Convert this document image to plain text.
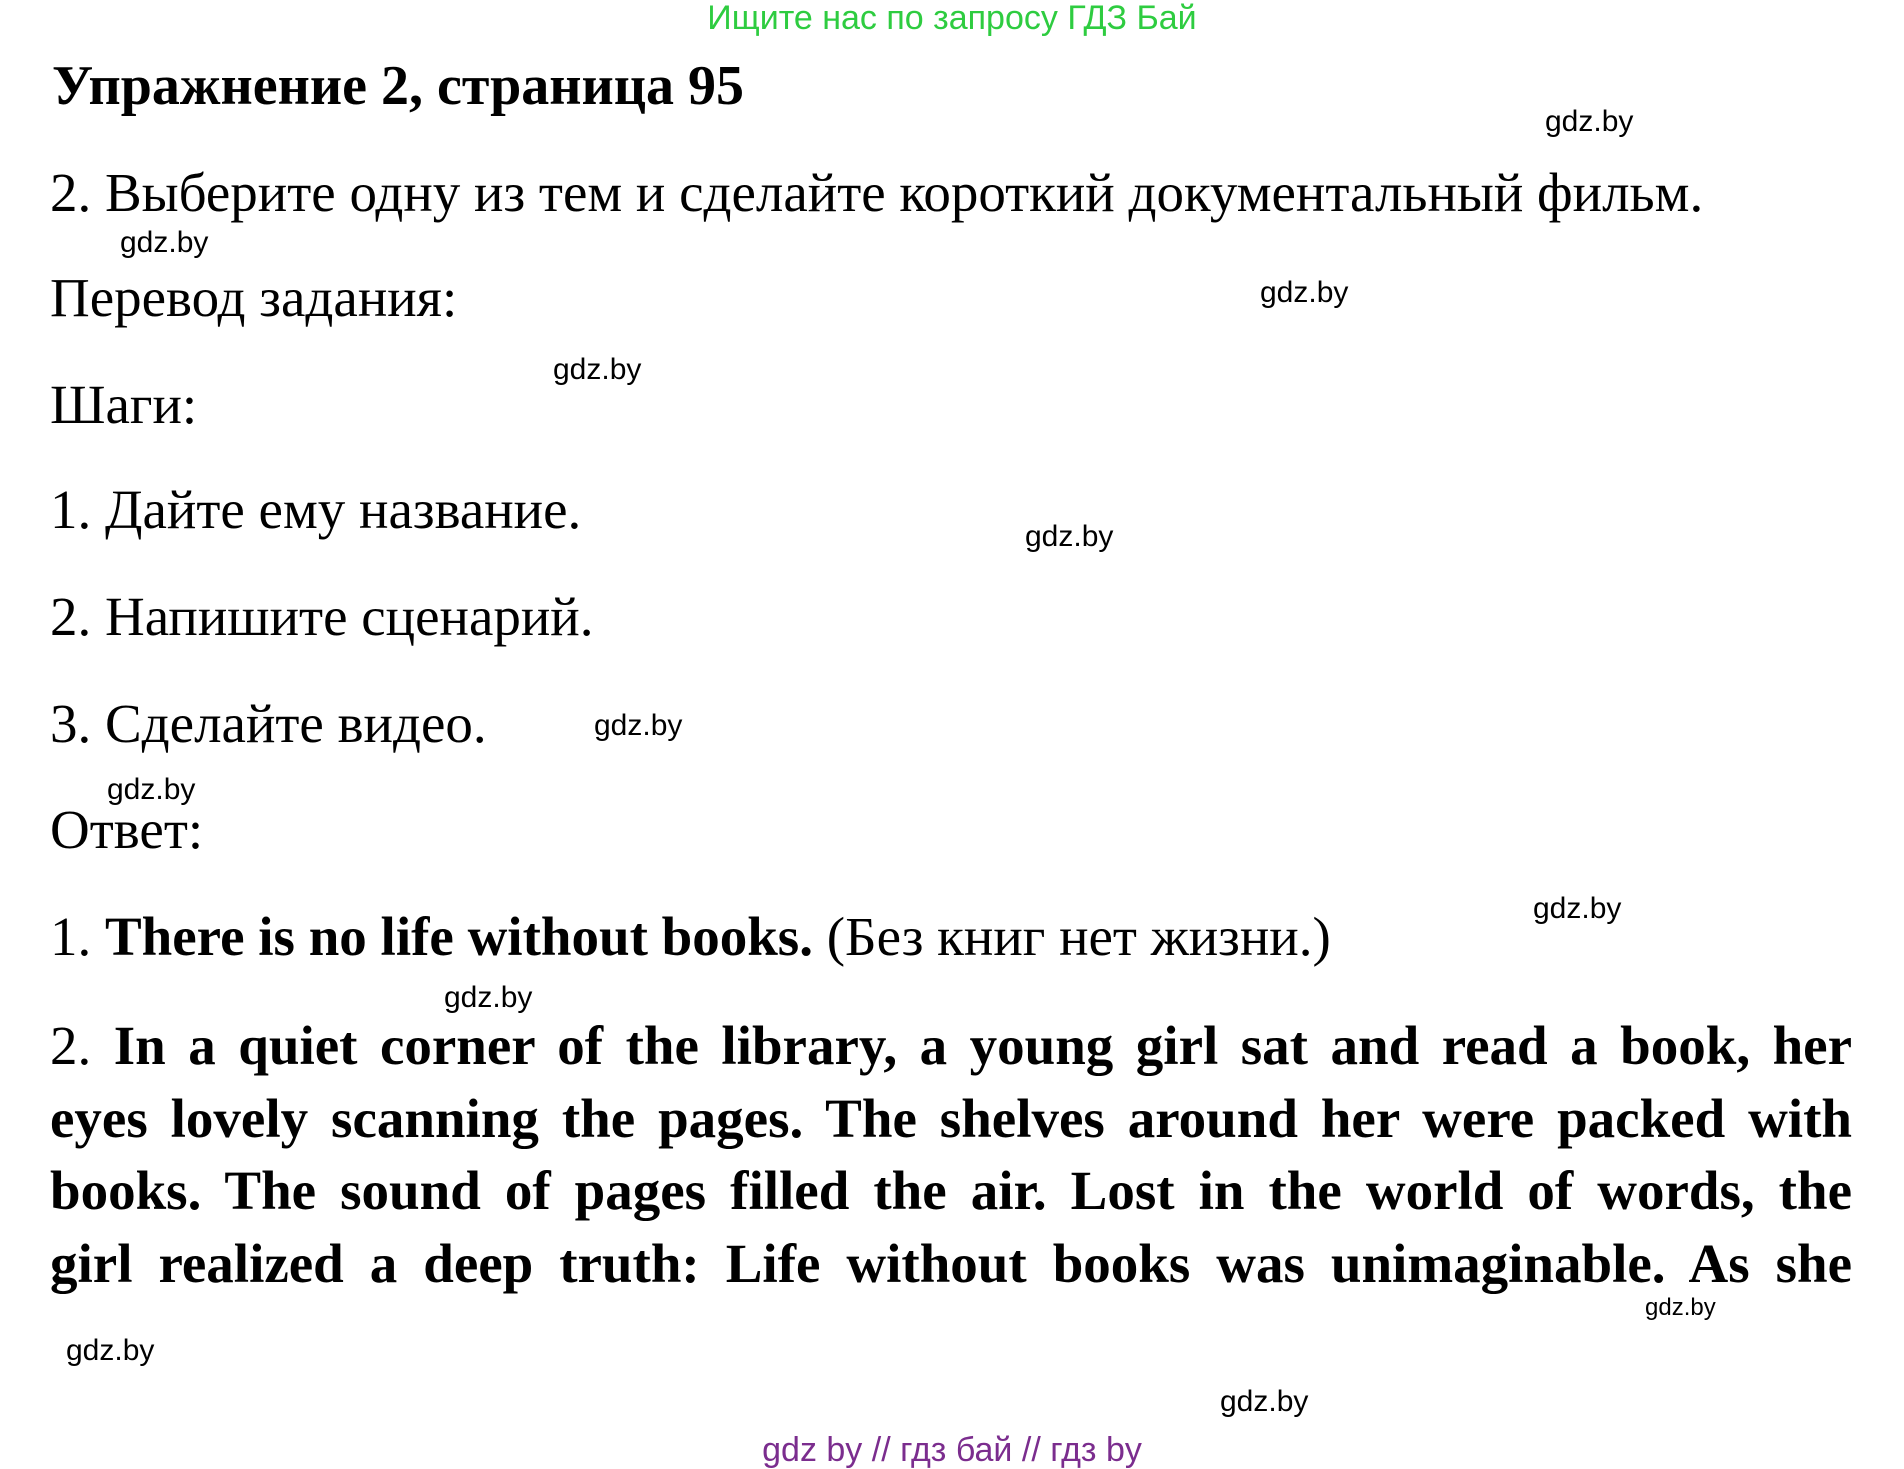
Ищите нас по запросу ГДЗ Бай
Упражнение 2, страница 95
2. Выберите одну из тем и сделайте короткий документальный фильм.
Перевод задания:
Шаги:
1. Дайте ему название.
2. Напишите сценарий.
3. Сделайте видео.
Ответ:
1. There is no life without books. (Без книг нет жизни.)
2. In a quiet corner of the library, a young girl sat and read a book, her
eyes lovely scanning the pages. The shelves around her were packed with
books. The sound of pages filled the air. Lost in the world of words, the
girl realized a deep truth: Life without books was unimaginable. As she
gdz.by
gdz.by
gdz.by
gdz.by
gdz.by
gdz.by
gdz.by
gdz.by
gdz.by
gdz.by
gdz.by
gdz.by
gdz by // гдз бай // гдз by
